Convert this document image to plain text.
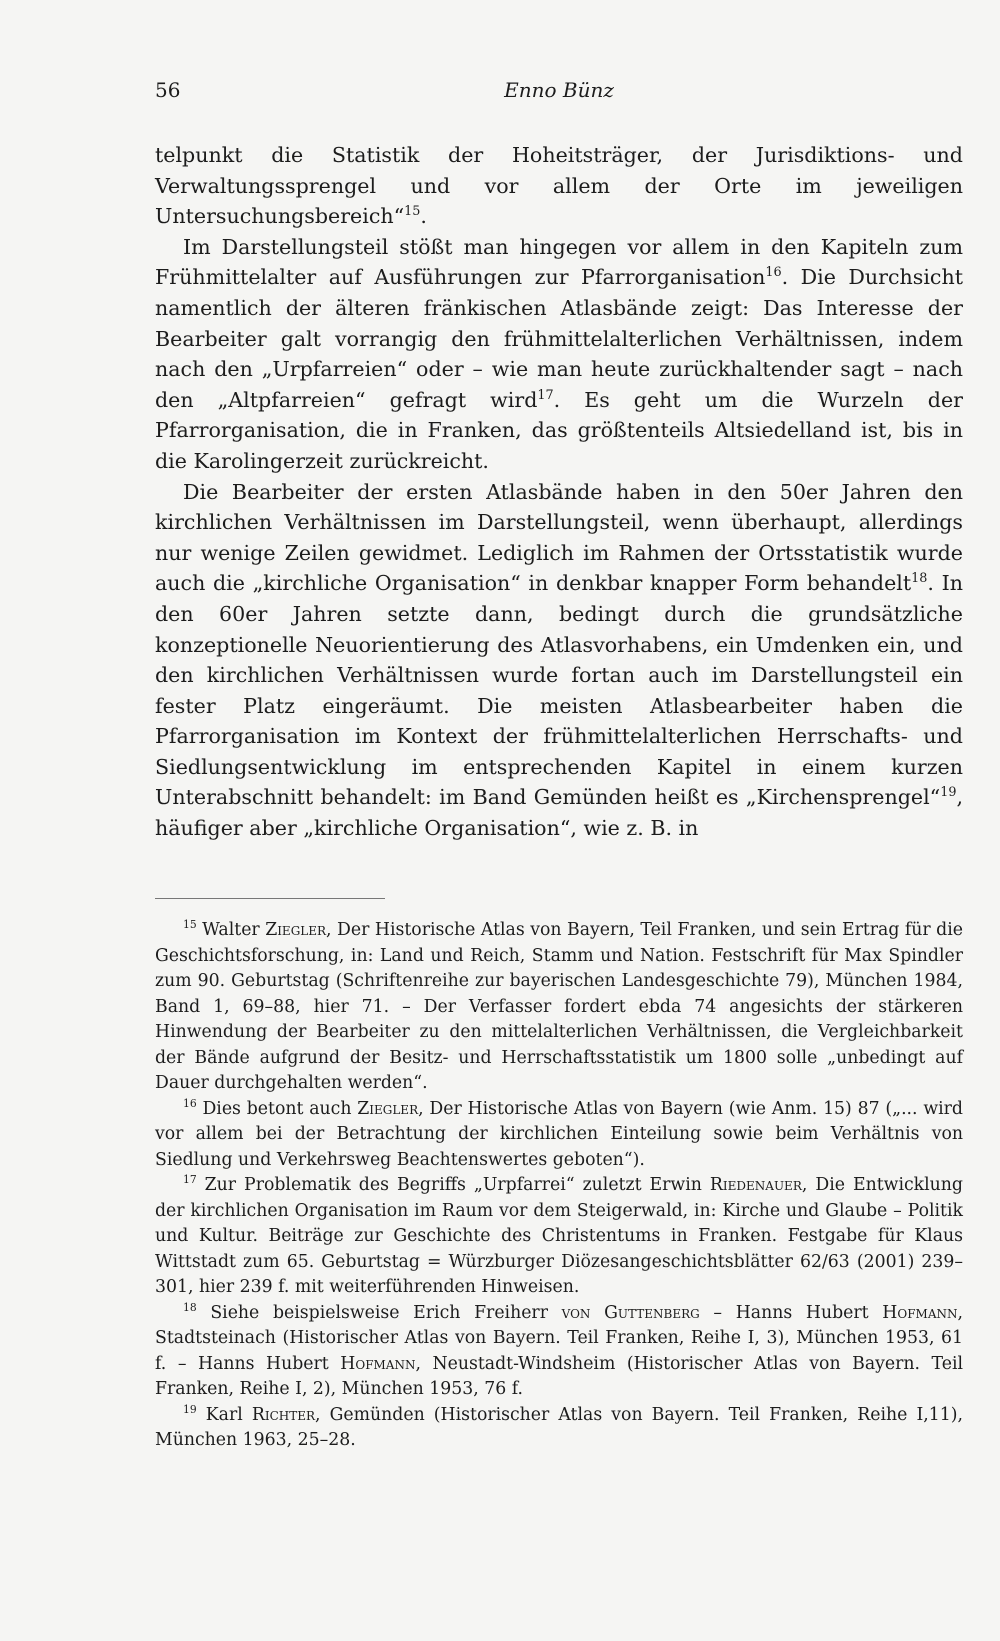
56	Enno Bünz

telpunkt die Statistik der Hoheitsträger, der Jurisdiktions- und Verwaltungssprengel und vor allem der Orte im jeweiligen Untersuchungsbereich“$^{15}$.

Im Darstellungsteil stößt man hingegen vor allem in den Kapiteln zum Frühmittelalter auf Ausführungen zur Pfarrorganisation$^{16}$. Die Durchsicht namentlich der älteren fränkischen Atlasbände zeigt: Das Interesse der Bearbeiter galt vorrangig den frühmittelalterlichen Verhältnissen, indem nach den „Urpfarreien“ oder – wie man heute zurückhaltender sagt – nach den „Altpfarreien“ gefragt wird$^{17}$. Es geht um die Wurzeln der Pfarrorganisation, die in Franken, das größtenteils Altsiedelland ist, bis in die Karolingerzeit zurückreicht.

Die Bearbeiter der ersten Atlasbände haben in den 50er Jahren den kirchlichen Verhältnissen im Darstellungsteil, wenn überhaupt, allerdings nur wenige Zeilen gewidmet. Lediglich im Rahmen der Ortsstatistik wurde auch die „kirchliche Organisation“ in denkbar knapper Form behandelt$^{18}$. In den 60er Jahren setzte dann, bedingt durch die grundsätzliche konzeptionelle Neuorientierung des Atlasvorhabens, ein Umdenken ein, und den kirchlichen Verhältnissen wurde fortan auch im Darstellungsteil ein fester Platz eingeräumt. Die meisten Atlasbearbeiter haben die Pfarrorganisation im Kontext der frühmittelalterlichen Herrschafts- und Siedlungsentwicklung im entsprechenden Kapitel in einem kurzen Unterabschnitt behandelt: im Band Gemünden heißt es „Kirchensprengel“$^{19}$, häufiger aber „kirchliche Organisation“, wie z. B. in

$^{15}$ Walter Ziegler, Der Historische Atlas von Bayern, Teil Franken, und sein Ertrag für die Geschichtsforschung, in: Land und Reich, Stamm und Nation. Festschrift für Max Spindler zum 90. Geburtstag (Schriftenreihe zur bayerischen Landesgeschichte 79), München 1984, Band 1, 69–88, hier 71. – Der Verfasser fordert ebda 74 angesichts der stärkeren Hinwendung der Bearbeiter zu den mittelalterlichen Verhältnissen, die Vergleichbarkeit der Bände aufgrund der Besitz- und Herrschaftsstatistik um 1800 solle „unbedingt auf Dauer durchgehalten werden“.

$^{16}$ Dies betont auch Ziegler, Der Historische Atlas von Bayern (wie Anm. 15) 87 („... wird vor allem bei der Betrachtung der kirchlichen Einteilung sowie beim Verhältnis von Siedlung und Verkehrsweg Beachtenswertes geboten“).

$^{17}$ Zur Problematik des Begriffs „Urpfarrei“ zuletzt Erwin Riedenauer, Die Entwicklung der kirchlichen Organisation im Raum vor dem Steigerwald, in: Kirche und Glaube – Politik und Kultur. Beiträge zur Geschichte des Christentums in Franken. Festgabe für Klaus Wittstadt zum 65. Geburtstag = Würzburger Diözesangeschichtsblätter 62/63 (2001) 239–301, hier 239 f. mit weiterführenden Hinweisen.

$^{18}$ Siehe beispielsweise Erich Freiherr von Guttenberg – Hanns Hubert Hofmann, Stadtsteinach (Historischer Atlas von Bayern. Teil Franken, Reihe I, 3), München 1953, 61 f. – Hanns Hubert Hofmann, Neustadt-Windsheim (Historischer Atlas von Bayern. Teil Franken, Reihe I, 2), München 1953, 76 f.

$^{19}$ Karl Richter, Gemünden (Historischer Atlas von Bayern. Teil Franken, Reihe I,11), München 1963, 25–28.
